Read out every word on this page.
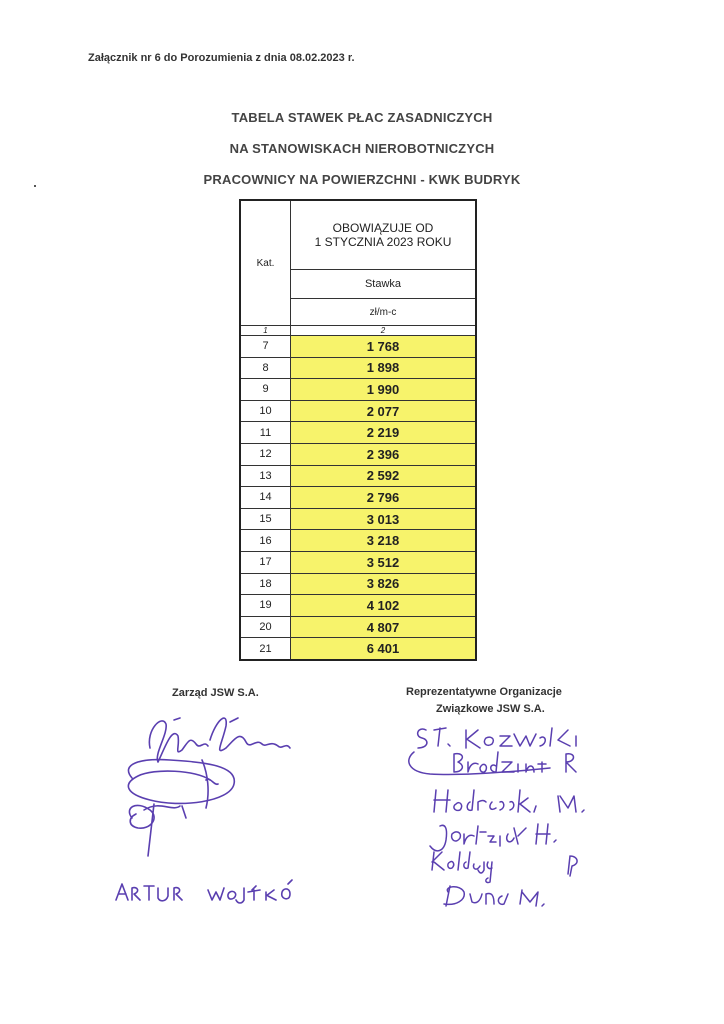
Załącznik nr 6 do Porozumienia z dnia 08.02.2023 r.
TABELA STAWEK PŁAC ZASADNICZYCH
NA STANOWISKACH NIEROBOTNICZYCH
PRACOWNICY NA POWIERZCHNI - KWK BUDRYK
Kat.	OBOWIĄZUJE OD
1 STYCZNIA 2023 ROKU

	Stawka
	zł/m-c
1	2
7	1 768
8	1 898
9	1 990
10	2 077
11	2 219
12	2 396
13	2 592
14	2 796
15	3 013
16	3 218
17	3 512
18	3 826
19	4 102
20	4 807
21	6 401
Zarząd JSW S.A.	Reprezentatywne Organizacje
Związkowe JSW S.A.
